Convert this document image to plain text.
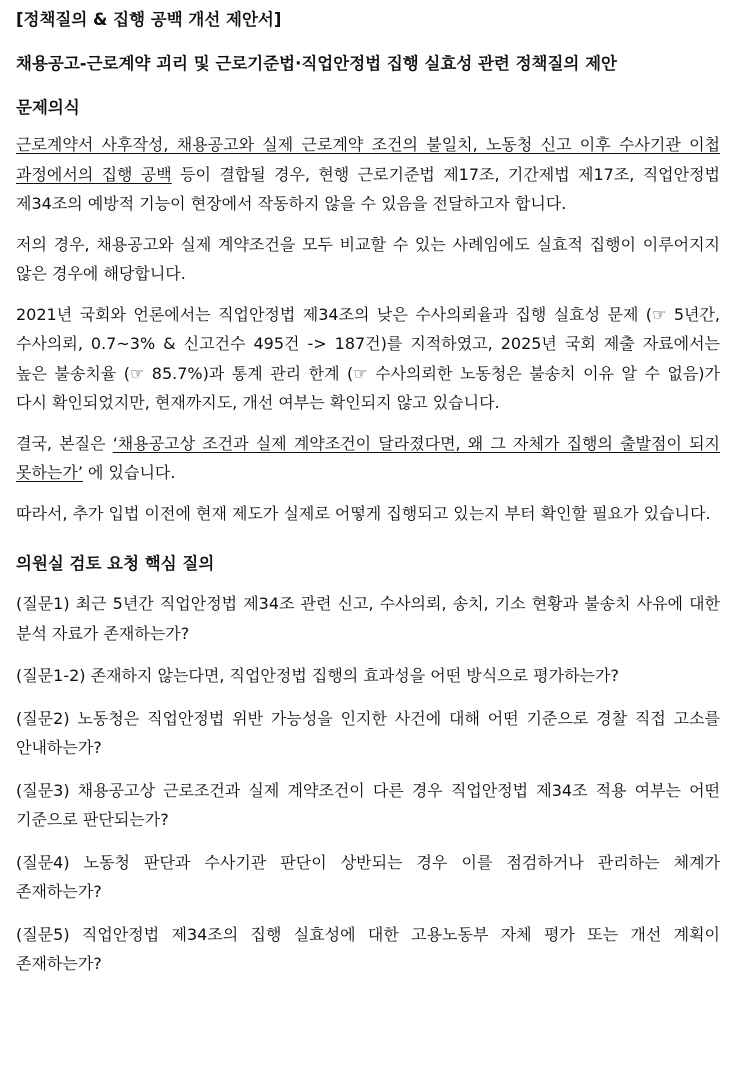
[정책질의 & 집행 공백 개선 제안서]
채용공고-근로계약 괴리 및 근로기준법·직업안정법 집행 실효성 관련 정책질의 제안
문제의식

근로계약서 사후작성, 채용공고와 실제 근로계약 조건의 불일치, 노동청 신고 이후 수사기관 이첩 과정에서의 집행 공백 등이 결합될 경우, 현행 근로기준법 제17조, 기간제법 제17조, 직업안정법 제34조의 예방적 기능이 현장에서 작동하지 않을 수 있음을 전달하고자 합니다.

저의 경우, 채용공고와 실제 계약조건을 모두 비교할 수 있는 사례임에도 실효적 집행이 이루어지지 않은 경우에 해당합니다.

2021년 국회와 언론에서는 직업안정법 제34조의 낮은 수사의뢰율과 집행 실효성 문제 (☞ 5년간, 수사의뢰, 0.7~3% & 신고건수 495건 -> 187건)를 지적하였고, 2025년 국회 제출 자료에서는 높은 불송치율 (☞ 85.7%)과 통계 관리 한계 (☞ 수사의뢰한 노동청은 불송치 이유 알 수 없음)가 다시 확인되었지만, 현재까지도, 개선 여부는 확인되지 않고 있습니다.

결국, 본질은 ‘채용공고상 조건과 실제 계약조건이 달라졌다면, 왜 그 자체가 집행의 출발점이 되지 못하는가’ 에 있습니다.

따라서, 추가 입법 이전에 현재 제도가 실제로 어떻게 집행되고 있는지 부터 확인할 필요가 있습니다.

의원실 검토 요청 핵심 질의

(질문1) 최근 5년간 직업안정법 제34조 관련 신고, 수사의뢰, 송치, 기소 현황과 불송치 사유에 대한 분석 자료가 존재하는가?

(질문1-2) 존재하지 않는다면, 직업안정법 집행의 효과성을 어떤 방식으로 평가하는가?

(질문2) 노동청은 직업안정법 위반 가능성을 인지한 사건에 대해 어떤 기준으로 경찰 직접 고소를 안내하는가?

(질문3) 채용공고상 근로조건과 실제 계약조건이 다른 경우 직업안정법 제34조 적용 여부는 어떤 기준으로 판단되는가?

(질문4) 노동청 판단과 수사기관 판단이 상반되는 경우 이를 점검하거나 관리하는 체계가 존재하는가?

(질문5) 직업안정법 제34조의 집행 실효성에 대한 고용노동부 자체 평가 또는 개선 계획이 존재하는가?
